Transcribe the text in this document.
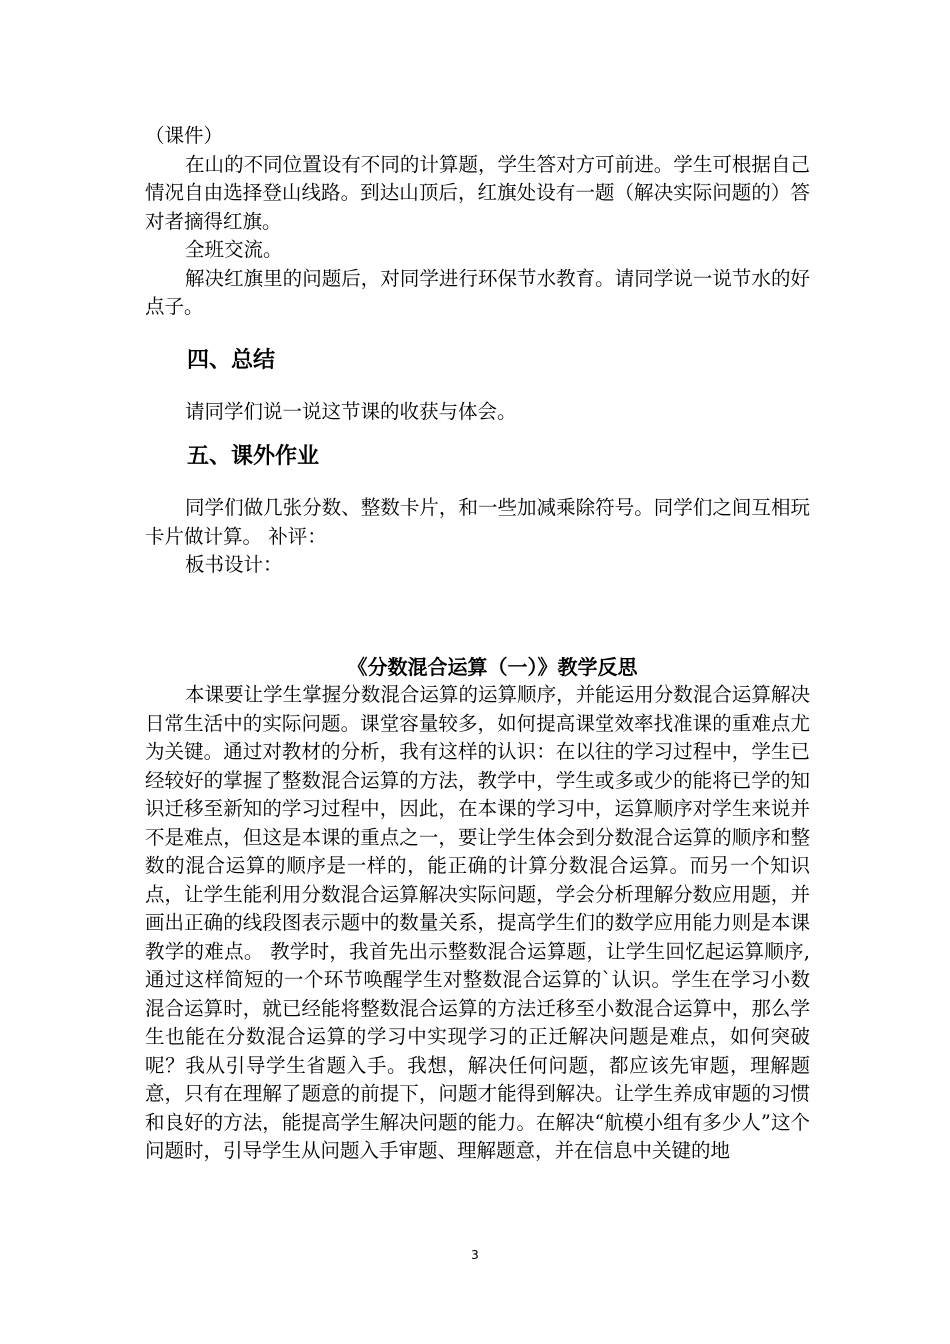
（课件）

在山的不同位置设有不同的计算题，学生答对方可前进。学生可根据自己情况自由选择登山线路。到达山顶后，红旗处设有一题（解决实际问题的）答对者摘得红旗。

全班交流。

解决红旗里的问题后，对同学进行环保节水教育。请同学说一说节水的好点子。

四、总结

请同学们说一说这节课的收获与体会。

五、课外作业

同学们做几张分数、整数卡片，和一些加减乘除符号。同学们之间互相玩卡片做计算。 补评：

板书设计：

《分数混合运算（一）》教学反思

本课要让学生掌握分数混合运算的运算顺序，并能运用分数混合运算解决日常生活中的实际问题。课堂容量较多，如何提高课堂效率找准课的重难点尤为关键。通过对教材的分析，我有这样的认识：在以往的学习过程中，学生已经较好的掌握了整数混合运算的方法，教学中，学生或多或少的能将已学的知识迁移至新知的学习过程中，因此，在本课的学习中，运算顺序对学生来说并不是难点，但这是本课的重点之一，要让学生体会到分数混合运算的顺序和整数的混合运算的顺序是一样的，能正确的计算分数混合运算。而另一个知识点，让学生能利用分数混合运算解决实际问题，学会分析理解分数应用题，并画出正确的线段图表示题中的数量关系，提高学生们的数学应用能力则是本课教学的难点。 教学时，我首先出示整数混合运算题，让学生回忆起运算顺序,通过这样简短的一个环节唤醒学生对整数混合运算的`认识。学生在学习小数混合运算时，就已经能将整数混合运算的方法迁移至小数混合运算中，那么学生也能在分数混合运算的学习中实现学习的正迁解决问题是难点，如何突破呢？我从引导学生省题入手。我想，解决任何问题，都应该先审题，理解题意，只有在理解了题意的前提下，问题才能得到解决。让学生养成审题的习惯和良好的方法，能提高学生解决问题的能力。在解决“航模小组有多少人”这个问题时，引导学生从问题入手审题、理解题意，并在信息中关键的地

3
